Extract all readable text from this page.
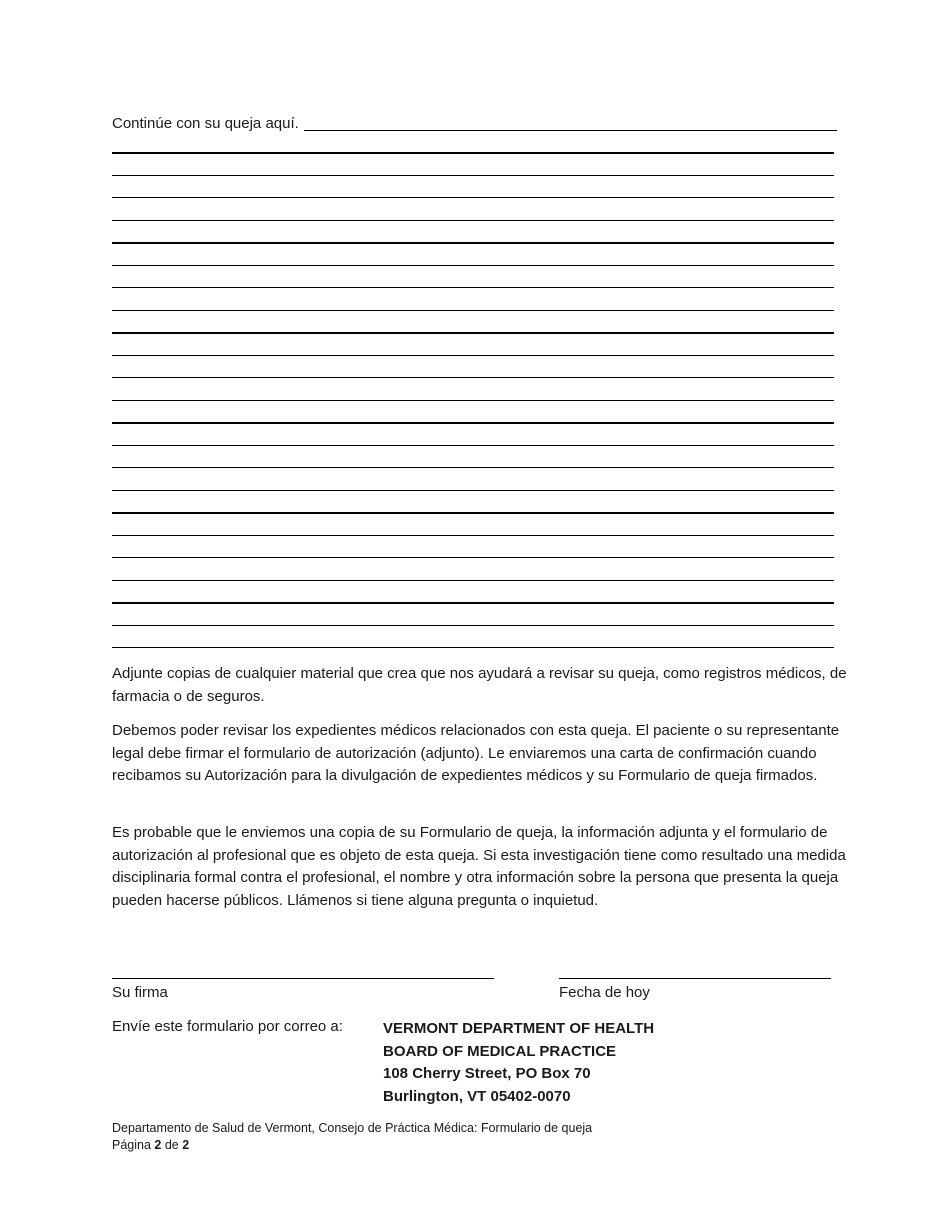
Continúe con su queja aquí.

Adjunte copias de cualquier material que crea que nos ayudará a revisar su queja, como registros médicos, de farmacia o de seguros.

Debemos poder revisar los expedientes médicos relacionados con esta queja. El paciente o su representante legal debe firmar el formulario de autorización (adjunto). Le enviaremos una carta de confirmación cuando recibamos su Autorización para la divulgación de expedientes médicos y su Formulario de queja firmados.

Es probable que le enviemos una copia de su Formulario de queja, la información adjunta y el formulario de autorización al profesional que es objeto de esta queja. Si esta investigación tiene como resultado una medida disciplinaria formal contra el profesional, el nombre y otra información sobre la persona que presenta la queja pueden hacerse públicos. Llámenos si tiene alguna pregunta o inquietud.

Su firma	Fecha de hoy
Envíe este formulario por correo a:	VERMONT DEPARTMENT OF HEALTH
BOARD OF MEDICAL PRACTICE
108 Cherry Street, PO Box 70
Burlington, VT 05402-0070
Departamento de Salud de Vermont, Consejo de Práctica Médica: Formulario de queja
Página 2 de 2
